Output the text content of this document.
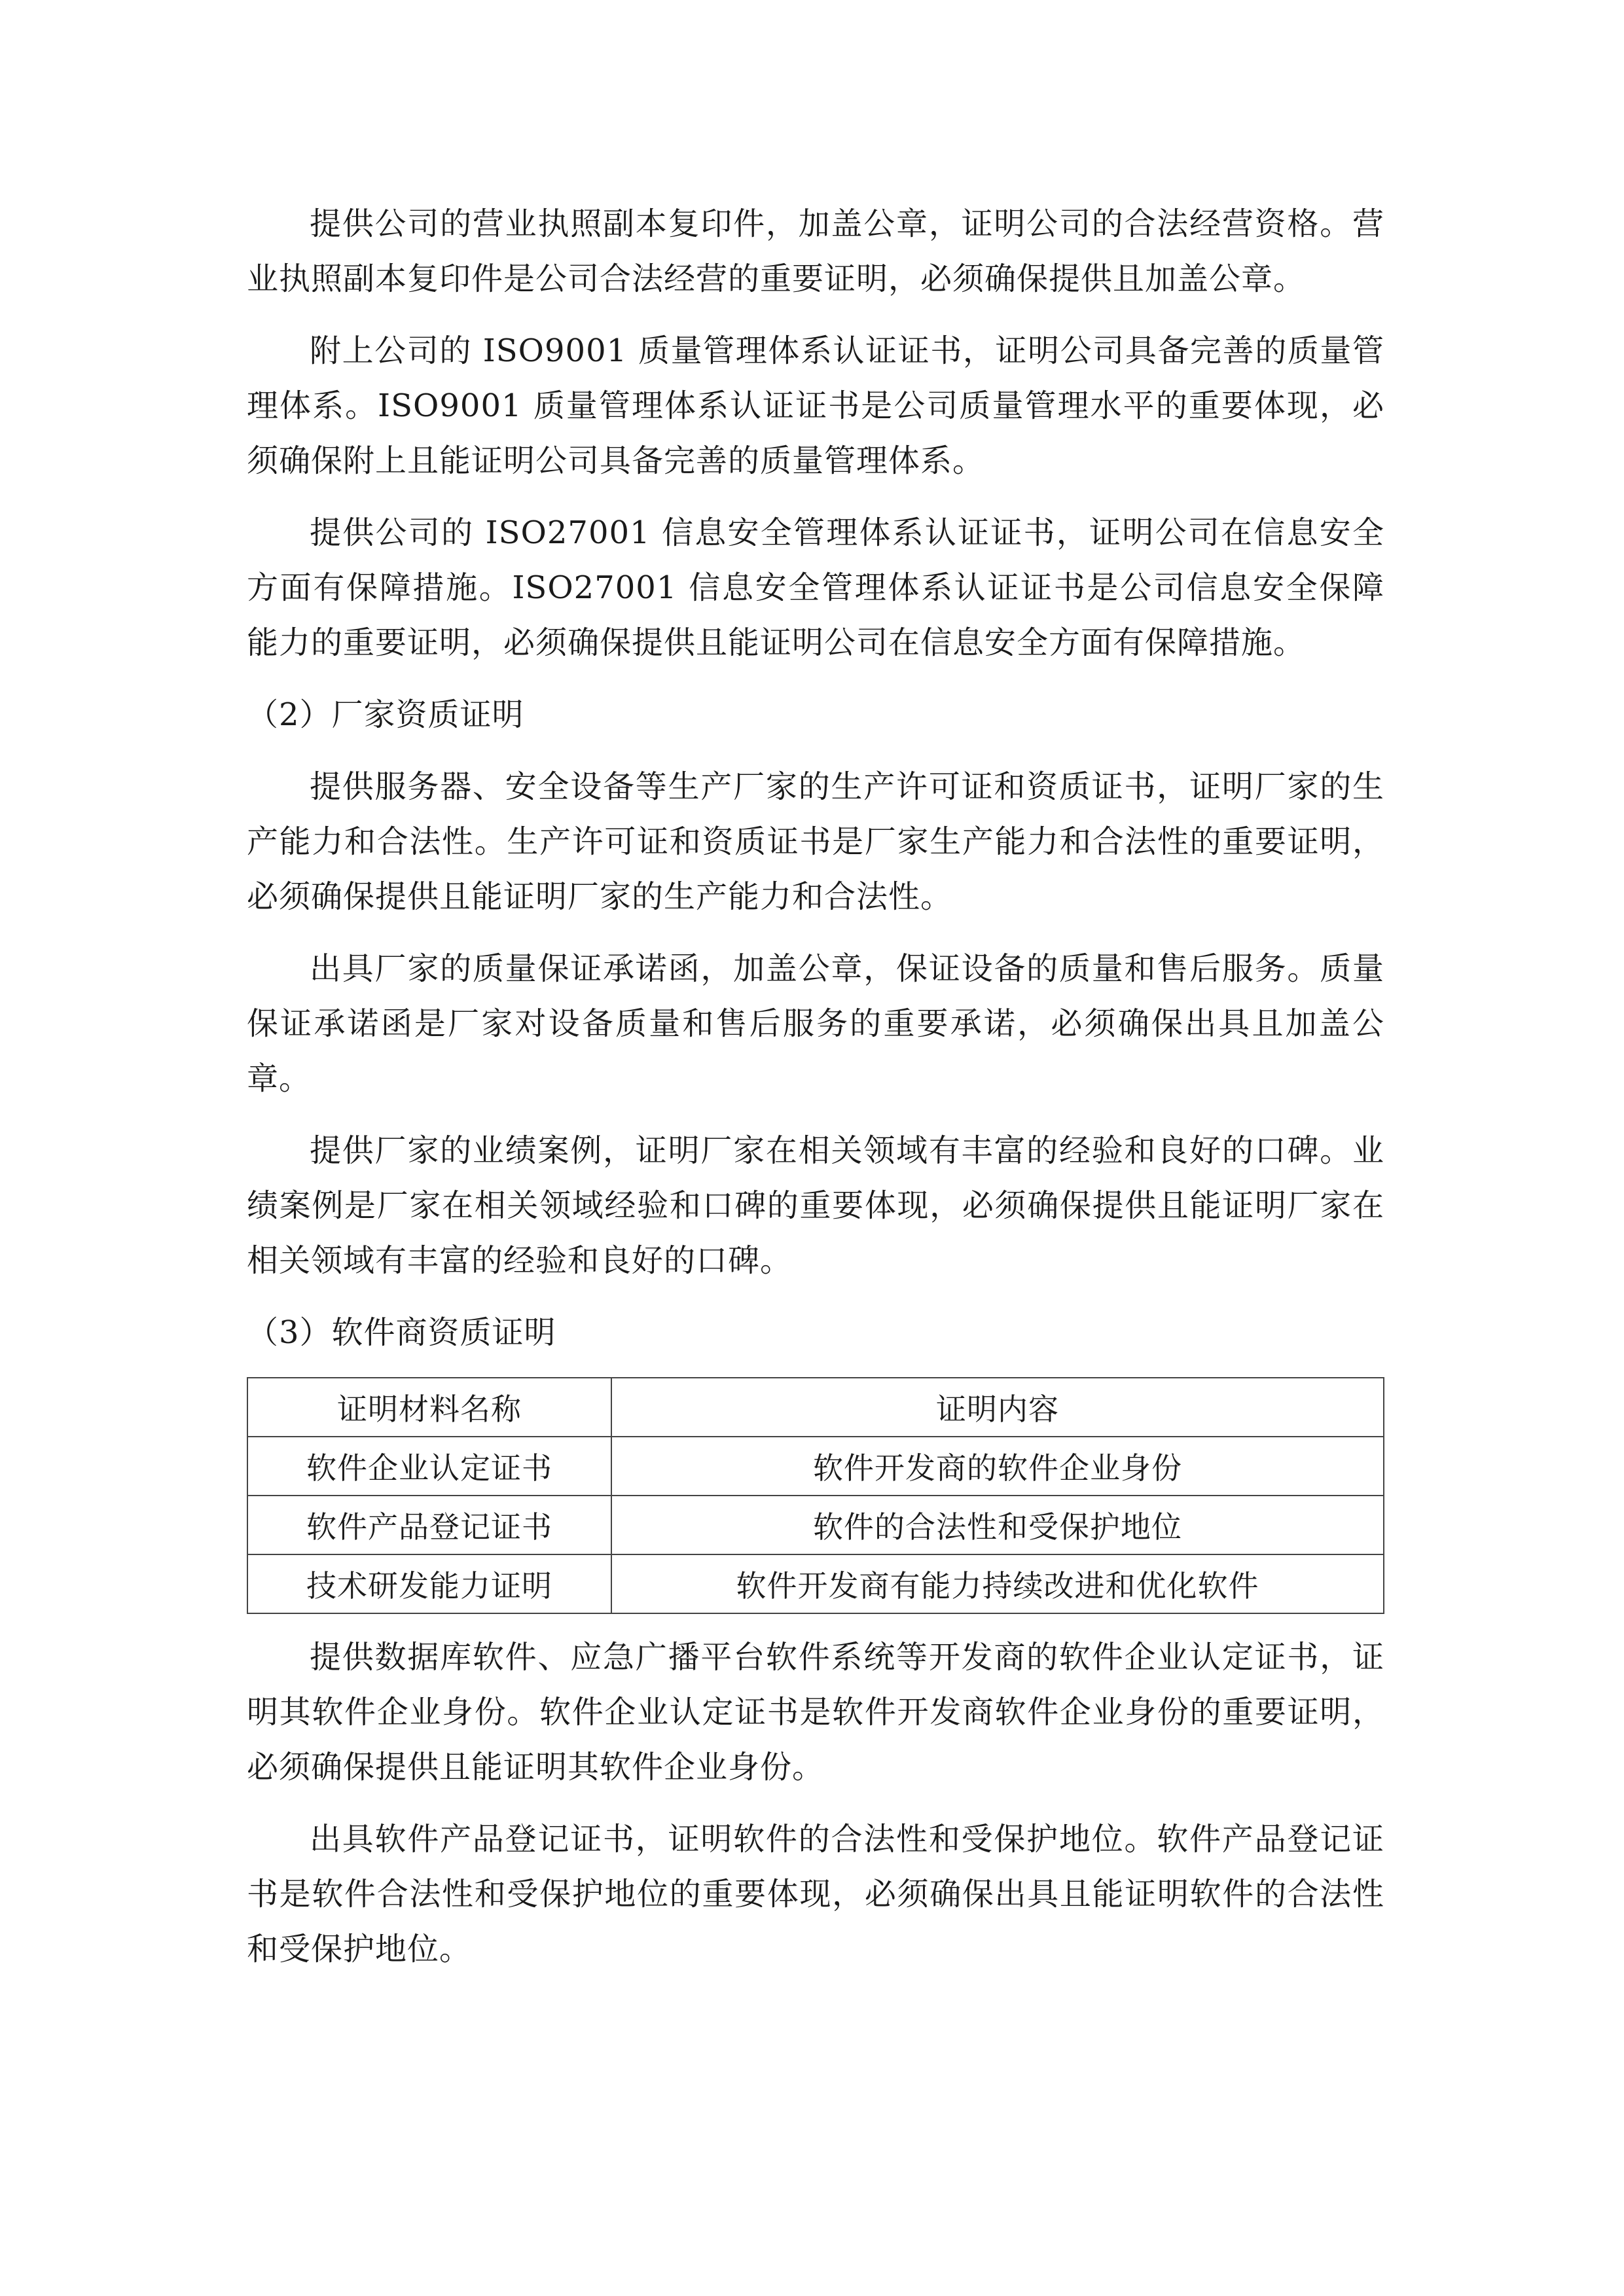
提供公司的营业执照副本复印件，加盖公章，证明公司的合法经营资格。营业执照副本复印件是公司合法经营的重要证明，必须确保提供且加盖公章。

附上公司的 ISO9001 质量管理体系认证证书，证明公司具备完善的质量管理体系。ISO9001 质量管理体系认证证书是公司质量管理水平的重要体现，必须确保附上且能证明公司具备完善的质量管理体系。

提供公司的 ISO27001 信息安全管理体系认证证书，证明公司在信息安全方面有保障措施。ISO27001 信息安全管理体系认证证书是公司信息安全保障能力的重要证明，必须确保提供且能证明公司在信息安全方面有保障措施。

（2）厂家资质证明

提供服务器、安全设备等生产厂家的生产许可证和资质证书，证明厂家的生产能力和合法性。生产许可证和资质证书是厂家生产能力和合法性的重要证明，必须确保提供且能证明厂家的生产能力和合法性。

出具厂家的质量保证承诺函，加盖公章，保证设备的质量和售后服务。质量保证承诺函是厂家对设备质量和售后服务的重要承诺，必须确保出具且加盖公章。

提供厂家的业绩案例，证明厂家在相关领域有丰富的经验和良好的口碑。业绩案例是厂家在相关领域经验和口碑的重要体现，必须确保提供且能证明厂家在相关领域有丰富的经验和良好的口碑。

（3）软件商资质证明

证明材料名称	证明内容
软件企业认定证书	软件开发商的软件企业身份
软件产品登记证书	软件的合法性和受保护地位
技术研发能力证明	软件开发商有能力持续改进和优化软件

提供数据库软件、应急广播平台软件系统等开发商的软件企业认定证书，证明其软件企业身份。软件企业认定证书是软件开发商软件企业身份的重要证明，必须确保提供且能证明其软件企业身份。

出具软件产品登记证书，证明软件的合法性和受保护地位。软件产品登记证书是软件合法性和受保护地位的重要体现，必须确保出具且能证明软件的合法性和受保护地位。
